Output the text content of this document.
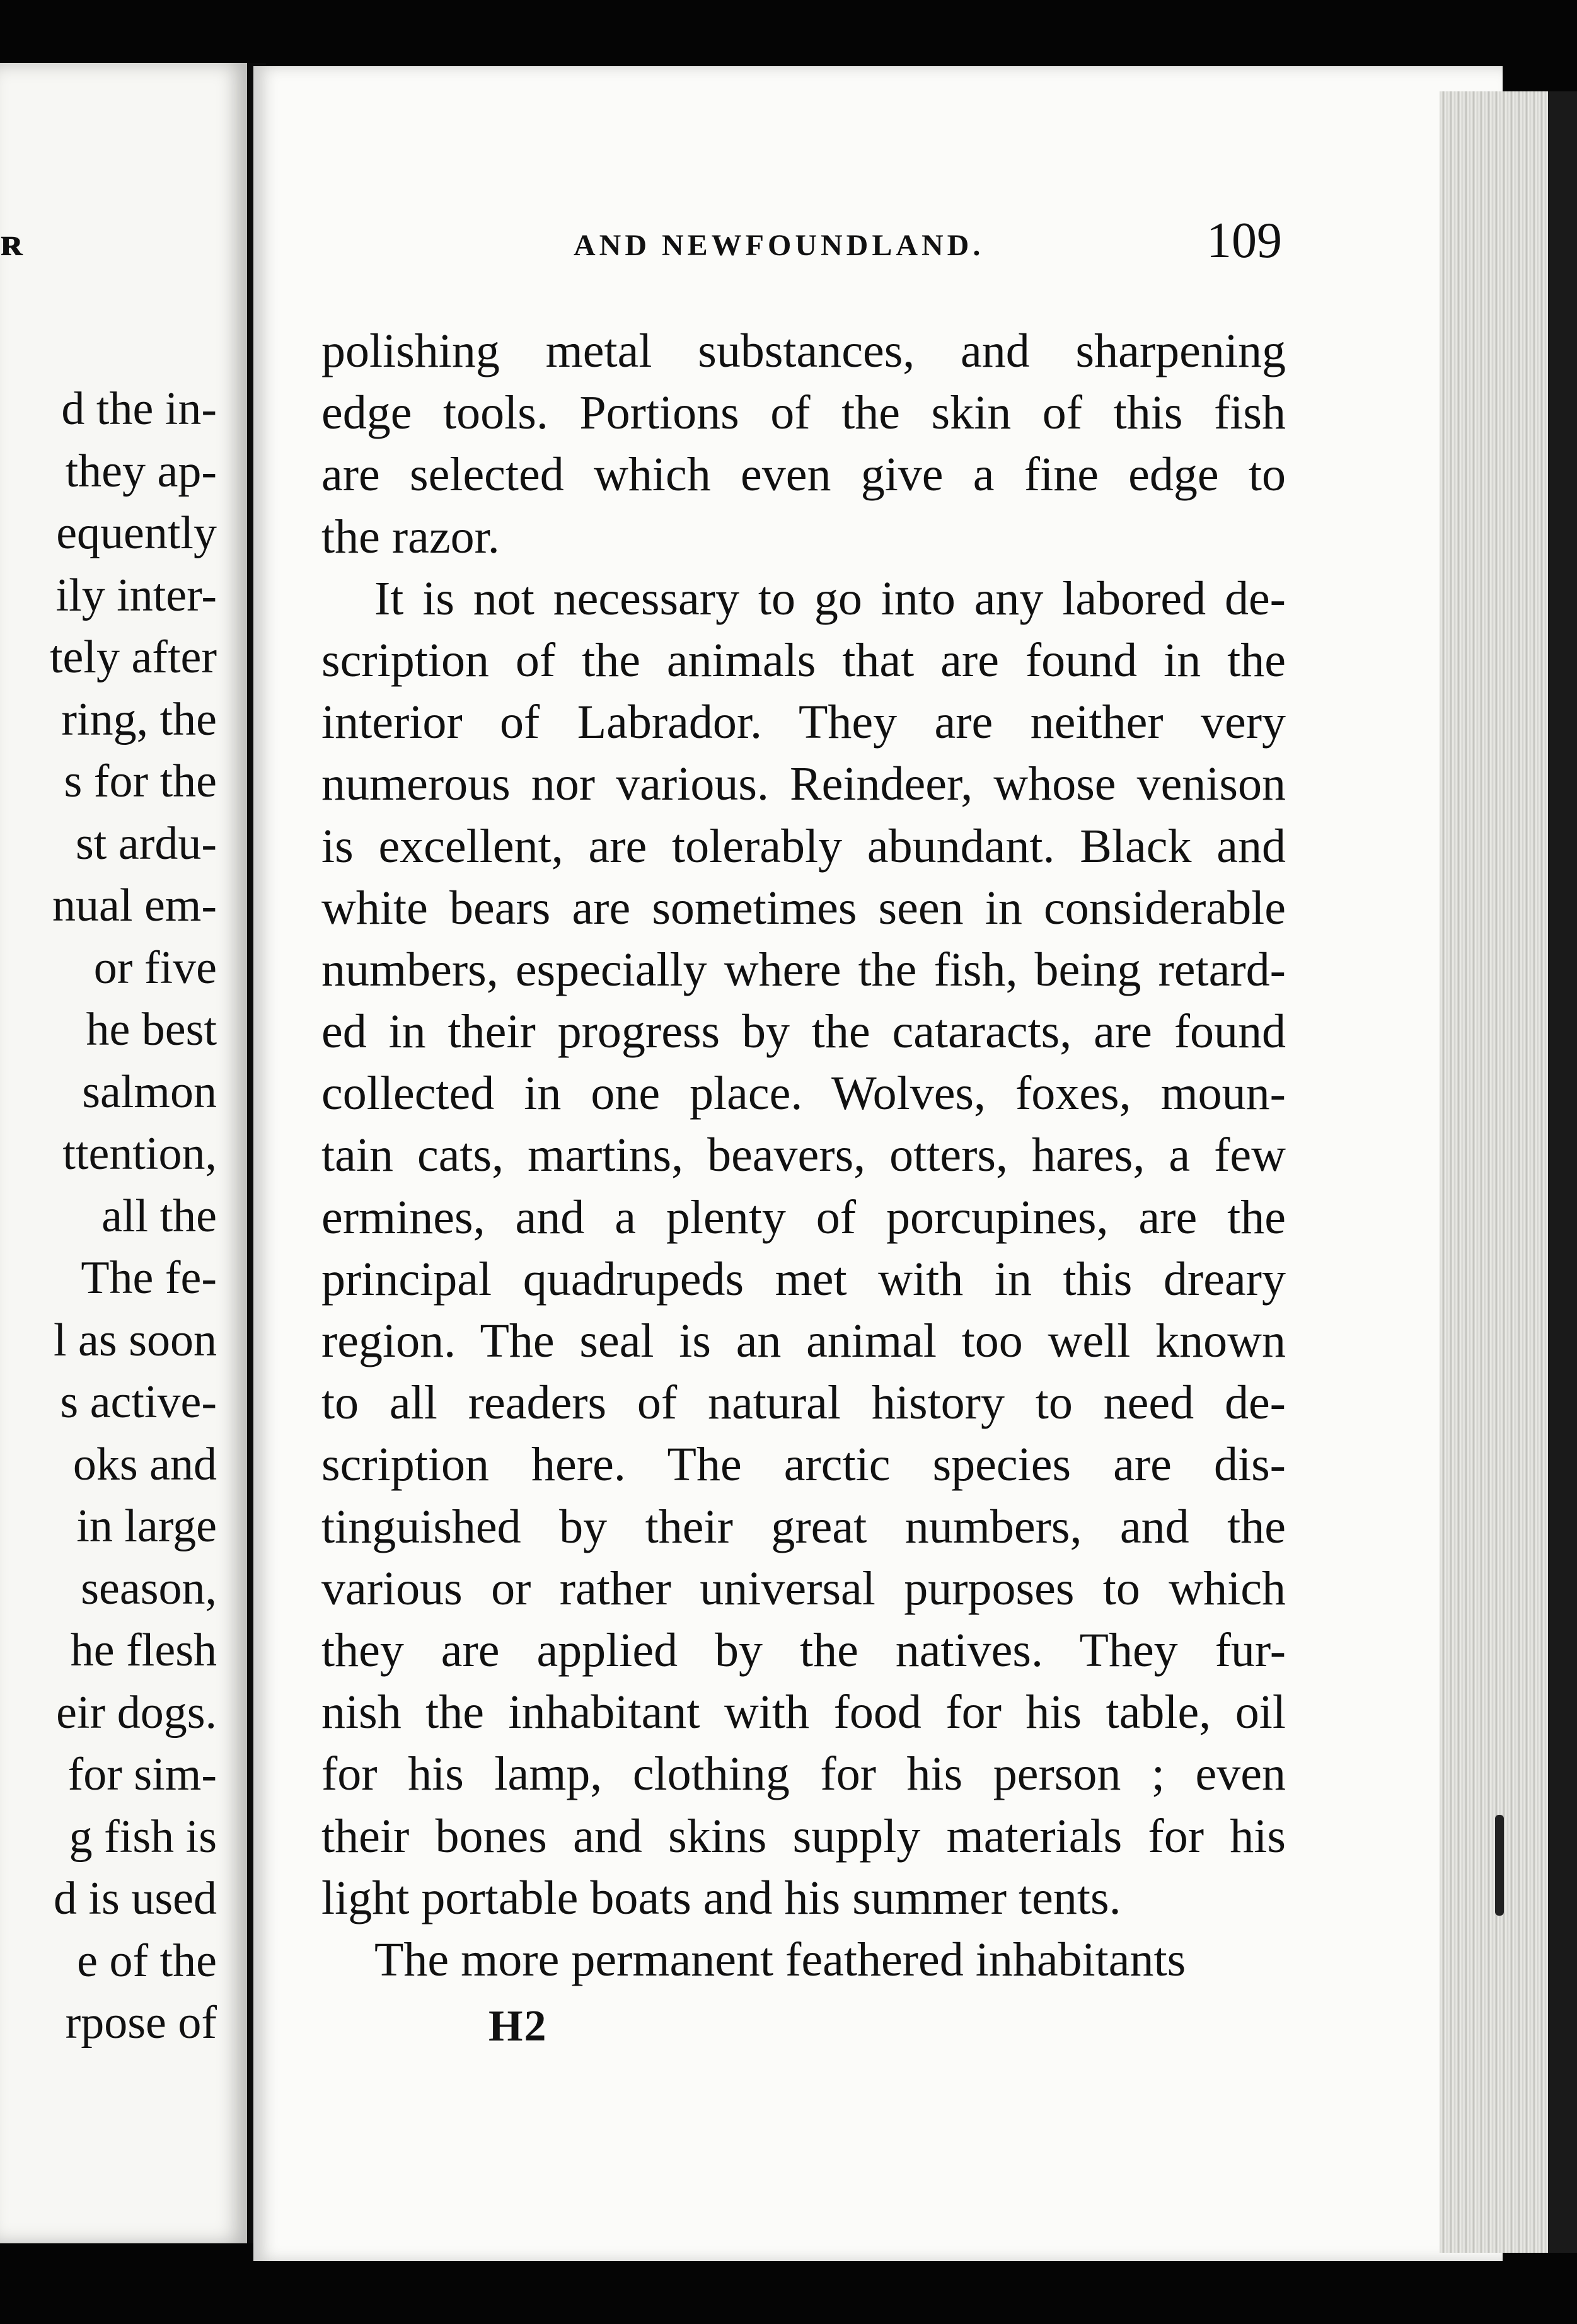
ʀ
d the in-
they ap-
equently
ily inter-
tely after
ring, the
s for the
st ardu-
nual em-
or five
he best
salmon
ttention,
all the
The fe-
l as soon
s active-
oks and
in large
season,
he flesh
eir dogs.
for sim-
g fish is
d is used
e of the
rpose of
AND NEWFOUNDLAND.	109
polishing metal substances, and sharpening
edge tools. Portions of the skin of this fish
are selected which even give a fine edge to
the razor.
It is not necessary to go into any labored de-
scription of the animals that are found in the
interior of Labrador. They are neither very
numerous nor various. Reindeer, whose venison
is excellent, are tolerably abundant. Black and
white bears are sometimes seen in considerable
numbers, especially where the fish, being retard-
ed in their progress by the cataracts, are found
collected in one place. Wolves, foxes, moun-
tain cats, martins, beavers, otters, hares, a few
ermines, and a plenty of porcupines, are the
principal quadrupeds met with in this dreary
region. The seal is an animal too well known
to all readers of natural history to need de-
scription here. The arctic species are dis-
tinguished by their great numbers, and the
various or rather universal purposes to which
they are applied by the natives. They fur-
nish the inhabitant with food for his table, oil
for his lamp, clothing for his person ; even
their bones and skins supply materials for his
light portable boats and his summer tents.
The more permanent feathered inhabitants
H2
